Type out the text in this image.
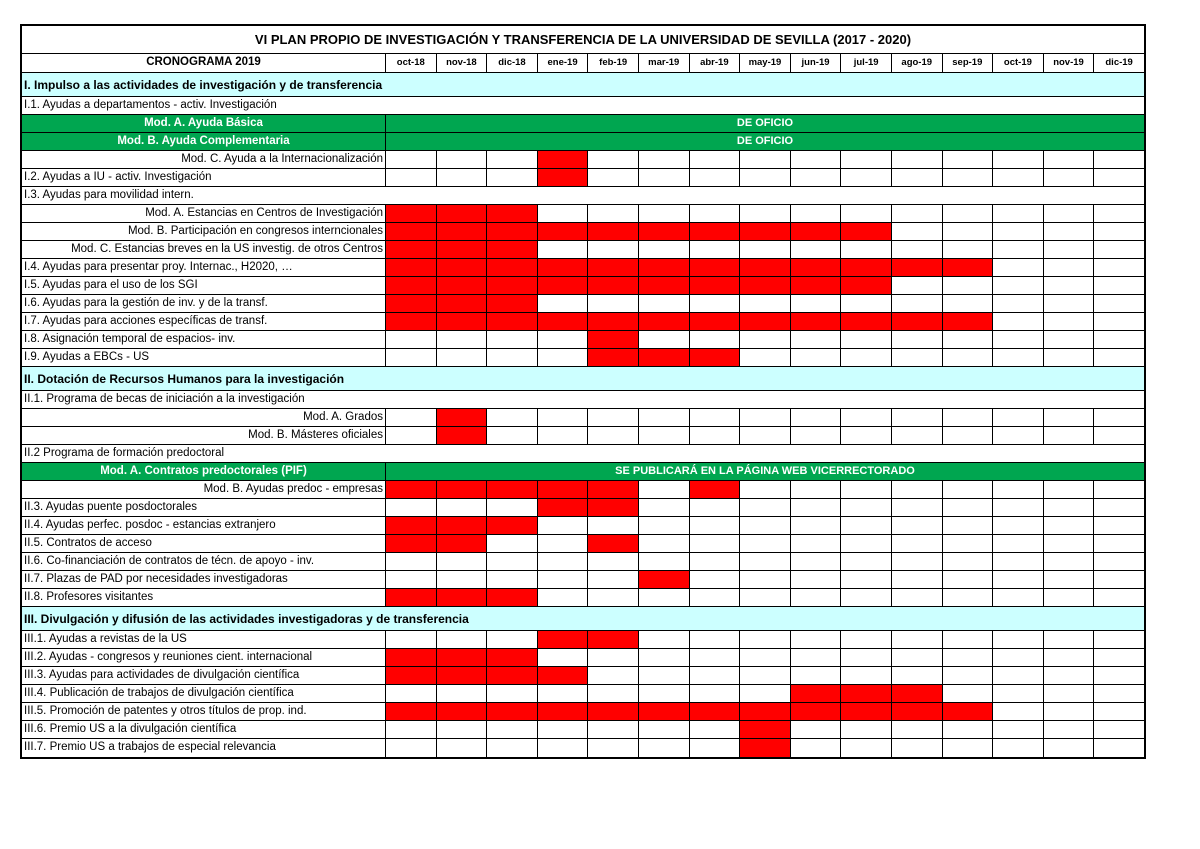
VI PLAN PROPIO DE INVESTIGACIÓN Y TRANSFERENCIA DE LA UNIVERSIDAD DE SEVILLA (2017 - 2020)
CRONOGRAMA 2019	oct-18	nov-18	dic-18	ene-19	feb-19	mar-19	abr-19	may-19	jun-19	jul-19	ago-19	sep-19	oct-19	nov-19	dic-19
I. Impulso a las actividades de investigación y de transferencia
I.1. Ayudas a departamentos - activ. Investigación
Mod. A. Ayuda Básica	DE OFICIO
Mod. B. Ayuda Complementaria	DE OFICIO
Mod. C. Ayuda a la Internacionalización
I.2. Ayudas a IU - activ. Investigación
I.3. Ayudas para movilidad intern.
Mod. A. Estancias en Centros de Investigación
Mod. B. Participación en congresos interncionales
Mod. C. Estancias breves en la US investig. de otros Centros
I.4. Ayudas para presentar proy. Internac., H2020, …
I.5. Ayudas para el uso de los SGI
I.6. Ayudas para la gestión de inv. y de la transf.
I.7. Ayudas para acciones específicas de transf.
I.8. Asignación temporal de espacios- inv.
I.9. Ayudas a EBCs - US
II. Dotación de Recursos Humanos para la investigación
II.1. Programa de becas de iniciación a la investigación
Mod. A. Grados
Mod. B. Másteres oficiales
II.2 Programa de formación predoctoral
Mod. A. Contratos predoctorales (PIF)	SE PUBLICARÁ EN LA PÁGINA WEB VICERRECTORADO
Mod. B. Ayudas predoc - empresas
II.3. Ayudas puente posdoctorales
II.4. Ayudas perfec. posdoc - estancias extranjero
II.5. Contratos de acceso
II.6. Co-financiación de contratos de técn. de apoyo - inv.
II.7. Plazas de PAD por necesidades investigadoras
II.8. Profesores visitantes
III. Divulgación y difusión de las actividades investigadoras y de transferencia
III.1. Ayudas a revistas de la US
III.2. Ayudas - congresos y reuniones cient. internacional
III.3. Ayudas para actividades de divulgación científica
III.4. Publicación de trabajos de divulgación científica
III.5. Promoción de patentes y otros títulos de prop. ind.
III.6. Premio US a la divulgación científica
III.7. Premio US a trabajos de especial relevancia
